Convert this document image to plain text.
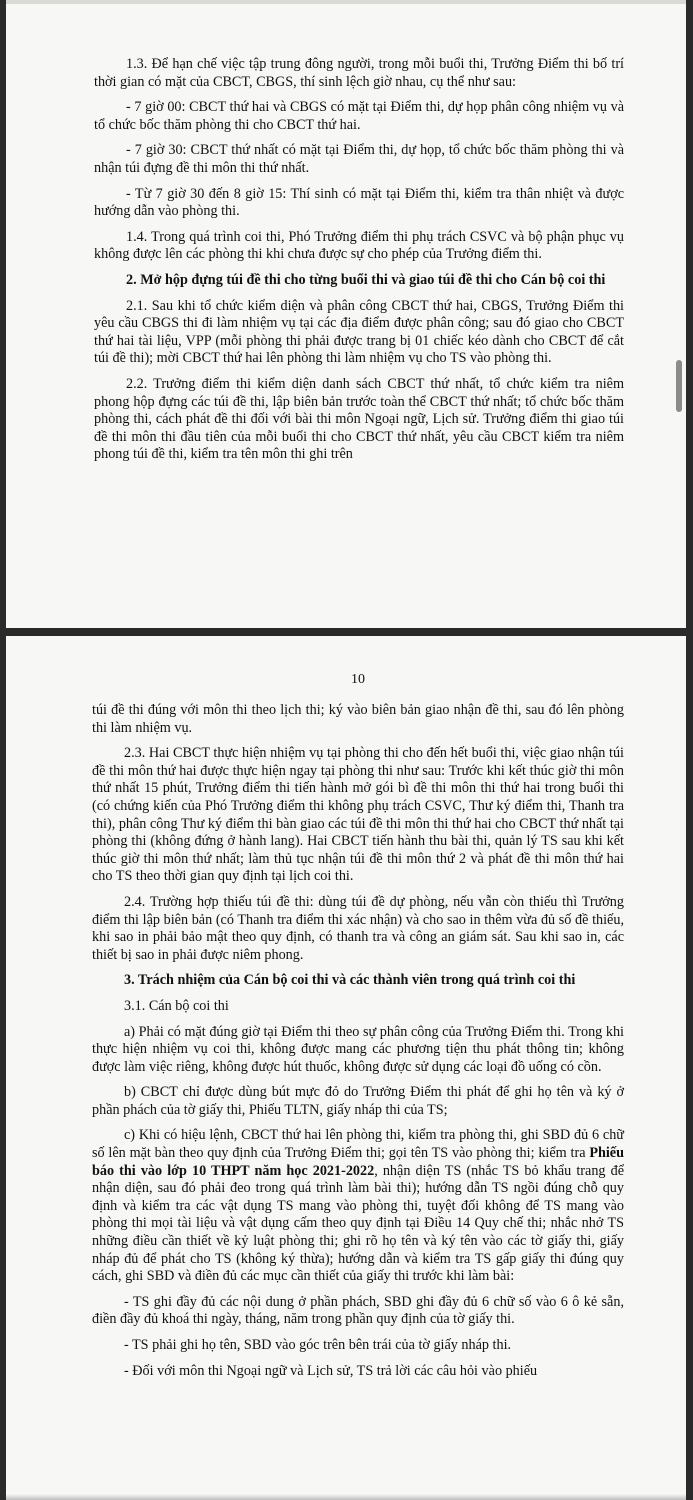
1.3. Để hạn chế việc tập trung đông người, trong mỗi buổi thi, Trưởng Điểm thi bố trí thời gian có mặt của CBCT, CBGS, thí sinh lệch giờ nhau, cụ thể như sau:

- 7 giờ 00: CBCT thứ hai và CBGS có mặt tại Điểm thi, dự họp phân công nhiệm vụ và tổ chức bốc thăm phòng thi cho CBCT thứ hai.

- 7 giờ 30: CBCT thứ nhất có mặt tại Điểm thi, dự họp, tổ chức bốc thăm phòng thi và nhận túi đựng đề thi môn thi thứ nhất.

- Từ 7 giờ 30 đến 8 giờ 15: Thí sinh có mặt tại Điểm thi, kiểm tra thân nhiệt và được hướng dẫn vào phòng thi.

1.4. Trong quá trình coi thi, Phó Trưởng điểm thi phụ trách CSVC và bộ phận phục vụ không được lên các phòng thi khi chưa được sự cho phép của Trưởng điểm thi.

2. Mở hộp đựng túi đề thi cho từng buổi thi và giao túi đề thi cho Cán bộ coi thi

2.1. Sau khi tổ chức kiểm diện và phân công CBCT thứ hai, CBGS, Trưởng Điểm thi yêu cầu CBGS thi đi làm nhiệm vụ tại các địa điểm được phân công; sau đó giao cho CBCT thứ hai tài liệu, VPP (mỗi phòng thi phải được trang bị 01 chiếc kéo dành cho CBCT để cắt túi đề thi); mời CBCT thứ hai lên phòng thi làm nhiệm vụ cho TS vào phòng thi.

2.2. Trưởng điểm thi kiểm diện danh sách CBCT thứ nhất, tổ chức kiểm tra niêm phong hộp đựng các túi đề thi, lập biên bản trước toàn thể CBCT thứ nhất; tổ chức bốc thăm phòng thi, cách phát đề thi đối với bài thi môn Ngoại ngữ, Lịch sử. Trưởng điểm thi giao túi đề thi môn thi đầu tiên của mỗi buổi thi cho CBCT thứ nhất, yêu cầu CBCT kiểm tra niêm phong túi đề thi, kiểm tra tên môn thi ghi trên

10

túi đề thi đúng với môn thi theo lịch thi; ký vào biên bản giao nhận đề thi, sau đó lên phòng thi làm nhiệm vụ.

2.3. Hai CBCT thực hiện nhiệm vụ tại phòng thi cho đến hết buổi thi, việc giao nhận túi đề thi môn thứ hai được thực hiện ngay tại phòng thi như sau: Trước khi kết thúc giờ thi môn thứ nhất 15 phút, Trưởng điểm thi tiến hành mở gói bì đề thi môn thi thứ hai trong buổi thi (có chứng kiến của Phó Trưởng điểm thi không phụ trách CSVC, Thư ký điểm thi, Thanh tra thi), phân công Thư ký điểm thi bàn giao các túi đề thi môn thi thứ hai cho CBCT thứ nhất tại phòng thi (không đứng ở hành lang). Hai CBCT tiến hành thu bài thi, quản lý TS sau khi kết thúc giờ thi môn thứ nhất; làm thủ tục nhận túi đề thi môn thứ 2 và phát đề thi môn thứ hai cho TS theo thời gian quy định tại lịch coi thi.

2.4. Trường hợp thiếu túi đề thi: dùng túi đề dự phòng, nếu vẫn còn thiếu thì Trưởng điểm thi lập biên bản (có Thanh tra điểm thi xác nhận) và cho sao in thêm vừa đủ số đề thiếu, khi sao in phải bảo mật theo quy định, có thanh tra và công an giám sát. Sau khi sao in, các thiết bị sao in phải được niêm phong.

3. Trách nhiệm của Cán bộ coi thi và các thành viên trong quá trình coi thi

3.1. Cán bộ coi thi

a) Phải có mặt đúng giờ tại Điểm thi theo sự phân công của Trưởng Điểm thi. Trong khi thực hiện nhiệm vụ coi thi, không được mang các phương tiện thu phát thông tin; không được làm việc riêng, không được hút thuốc, không được sử dụng các loại đồ uống có cồn.

b) CBCT chỉ được dùng bút mực đỏ do Trưởng Điểm thi phát để ghi họ tên và ký ở phần phách của tờ giấy thi, Phiếu TLTN, giấy nháp thi của TS;

c) Khi có hiệu lệnh, CBCT thứ hai lên phòng thi, kiểm tra phòng thi, ghi SBD đủ 6 chữ số lên mặt bàn theo quy định của Trưởng Điểm thi; gọi tên TS vào phòng thi; kiểm tra Phiếu báo thi vào lớp 10 THPT năm học 2021-2022, nhận diện TS (nhắc TS bỏ khẩu trang để nhận diện, sau đó phải đeo trong quá trình làm bài thi); hướng dẫn TS ngồi đúng chỗ quy định và kiểm tra các vật dụng TS mang vào phòng thi, tuyệt đối không để TS mang vào phòng thi mọi tài liệu và vật dụng cấm theo quy định tại Điều 14 Quy chế thi; nhắc nhở TS những điều cần thiết về kỷ luật phòng thi; ghi rõ họ tên và ký tên vào các tờ giấy thi, giấy nháp đủ để phát cho TS (không ký thừa); hướng dẫn và kiểm tra TS gấp giấy thi đúng quy cách, ghi SBD và điền đủ các mục cần thiết của giấy thi trước khi làm bài:

- TS ghi đầy đủ các nội dung ở phần phách, SBD ghi đầy đủ 6 chữ số vào 6 ô kẻ sẵn, điền đầy đủ khoá thi ngày, tháng, năm trong phần quy định của tờ giấy thi.

- TS phải ghi họ tên, SBD vào góc trên bên trái của tờ giấy nháp thi.

- Đối với môn thi Ngoại ngữ và Lịch sử, TS trả lời các câu hỏi vào phiếu
